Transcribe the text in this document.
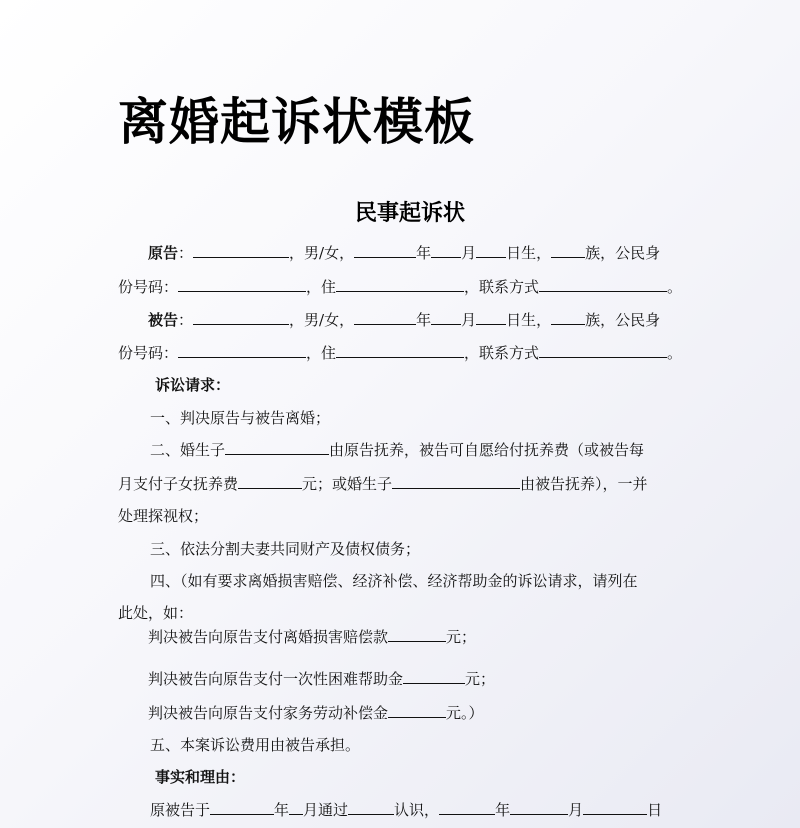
离婚起诉状模板
民事起诉状
原告：	，男/女，	年 月 日生， 族，公民身
份号码：	，住	，联系方式	。
被告：	，男/女，	年 月 日生， 族，公民身
份号码：	，住	，联系方式	。
诉讼请求：
一、判决原告与被告离婚；
二、婚生子	由原告抚养，被告可自愿给付抚养费（或被告每
月支付子女抚养费	元；或婚生子	由被告抚养），一并
处理探视权；
三、依法分割夫妻共同财产及债权债务；
四、（如有要求离婚损害赔偿、经济补偿、经济帮助金的诉讼请求，请列在
此处，如：
判决被告向原告支付离婚损害赔偿款	元；
判决被告向原告支付一次性困难帮助金	元；
判决被告向原告支付家务劳动补偿金	元。）
五、本案诉讼费用由被告承担。
事实和理由：
原被告于	年 月通过	认识，	年	月	日
